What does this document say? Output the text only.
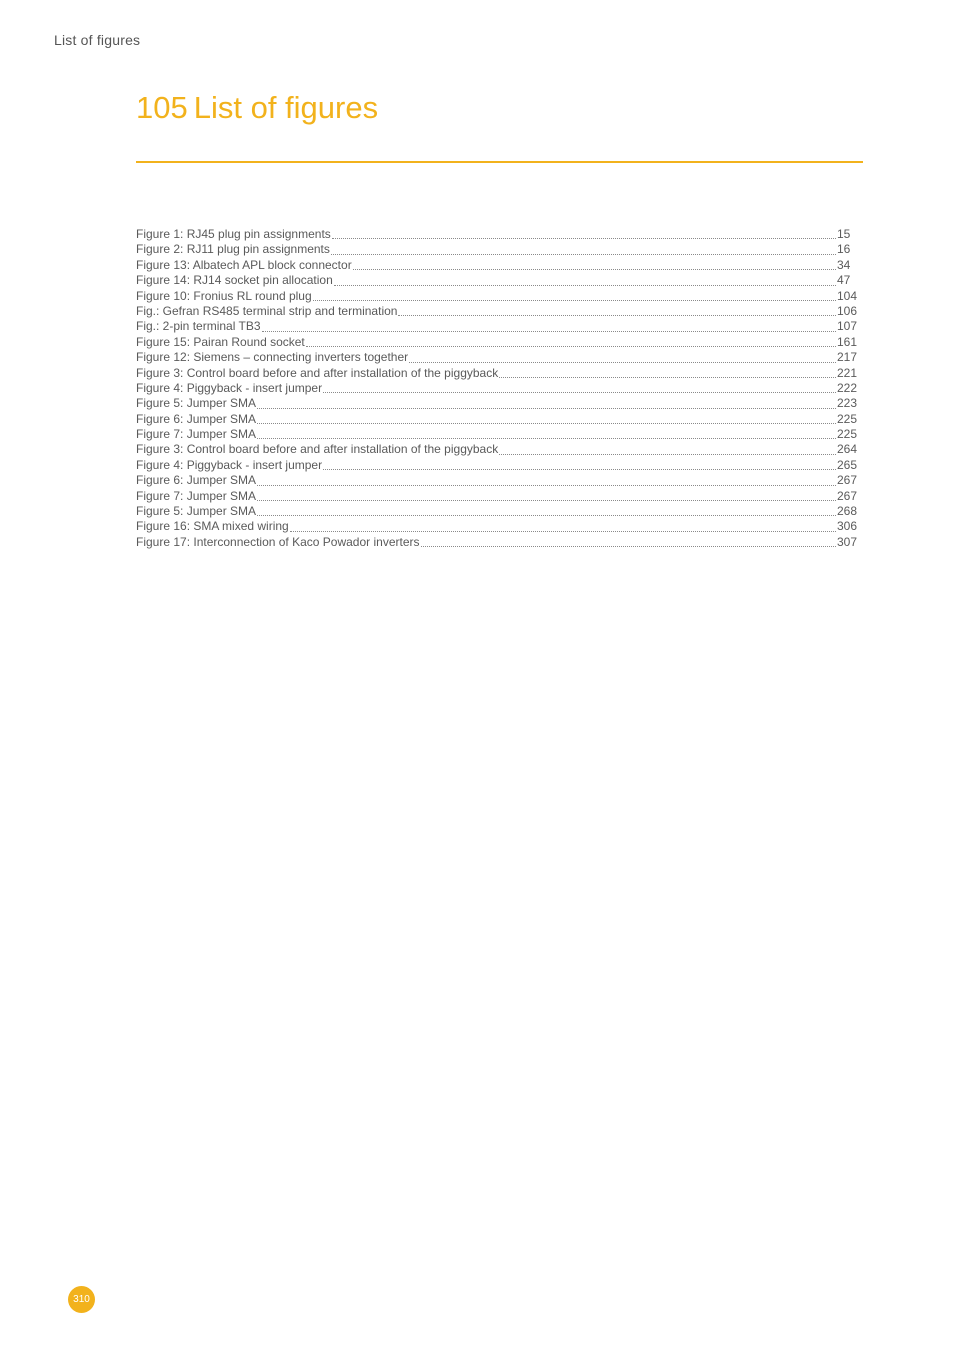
List of figures
105 List of figures
Figure 1: RJ45 plug pin assignments	15
Figure 2: RJ11 plug pin assignments	16
Figure 13: Albatech APL block connector	34
Figure 14: RJ14 socket pin allocation	47
Figure 10: Fronius RL round plug	104
Fig.: Gefran RS485 terminal strip and termination	106
Fig.: 2-pin terminal TB3	107
Figure 15: Pairan Round socket	161
Figure 12: Siemens – connecting inverters together	217
Figure 3: Control board before and after installation of the piggyback	221
Figure 4: Piggyback - insert jumper	222
Figure 5: Jumper SMA	223
Figure 6: Jumper SMA	225
Figure 7: Jumper SMA	225
Figure 3: Control board before and after installation of the piggyback	264
Figure 4: Piggyback - insert jumper	265
Figure 6: Jumper SMA	267
Figure 7: Jumper SMA	267
Figure 5: Jumper SMA	268
Figure 16: SMA mixed wiring	306
Figure 17: Interconnection of Kaco Powador inverters	307
310
